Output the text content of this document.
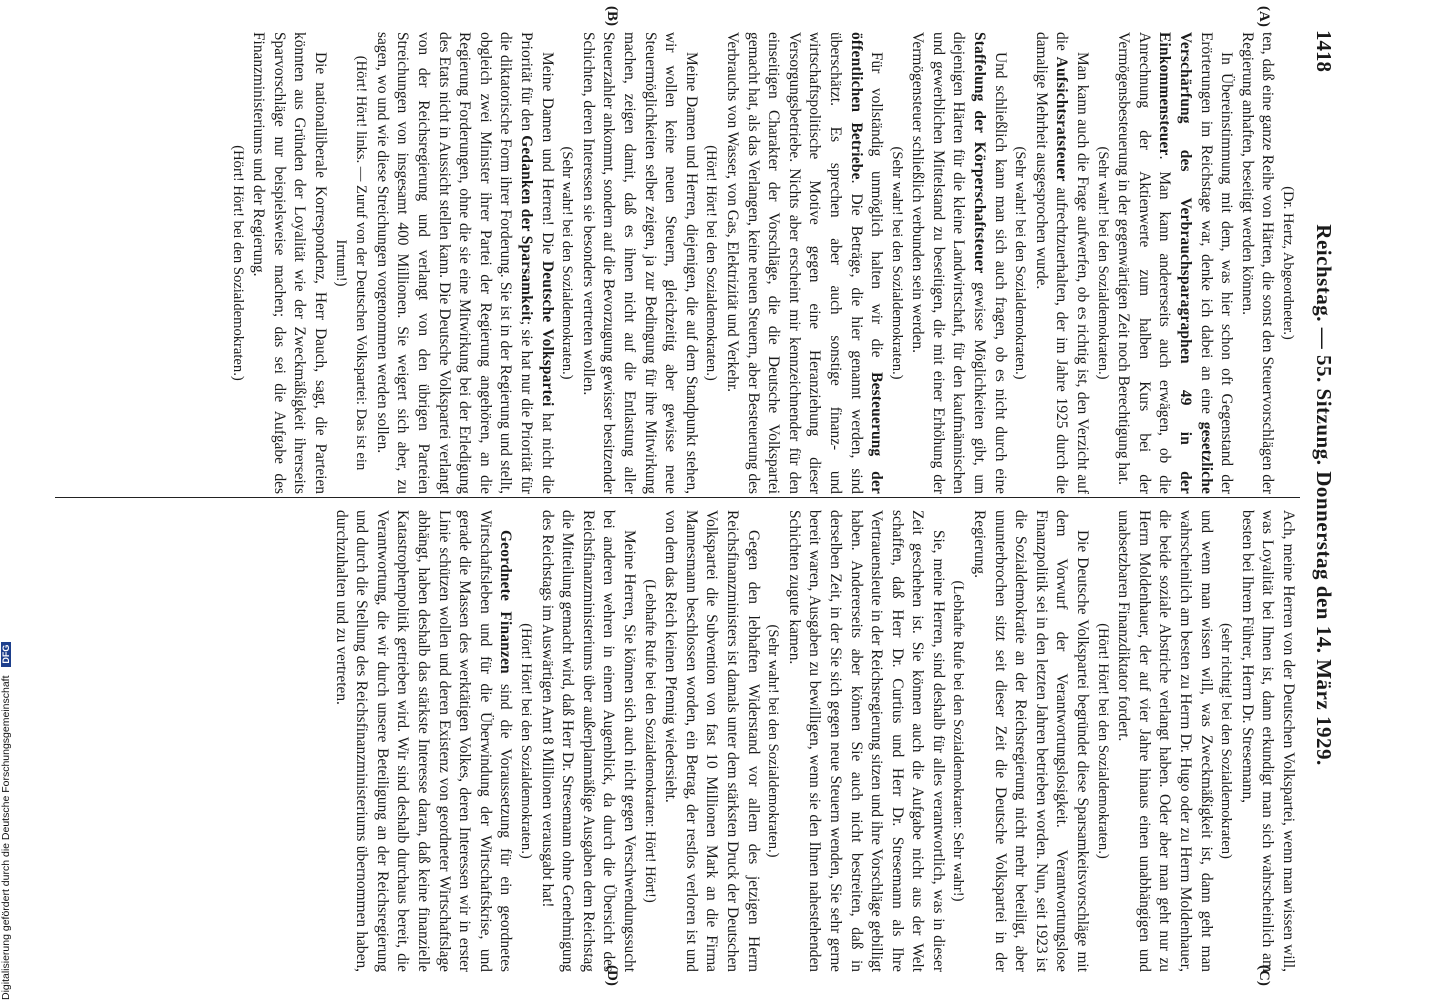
1418
Reichstag. — 55. Sitzung. Donnerstag den 14. März 1929.
(A)
(B)
(C)
(D)

(Dr. Hertz, Abgeordneter.)

ten, daß eine ganze Reihe von Härten, die sonst den Steuervorschlägen der Regierung anhaften, beseitigt werden können.

In Übereinstimmung mit dem, was hier schon oft Gegenstand der Erörterungen im Reichstage war, denke ich dabei an eine gesetzliche Verschärfung des Verbrauchsparagraphen 49 in der Einkommensteuer. Man kann andererseits auch erwägen, ob die Anrechnung der Aktienwerte zum halben Kurs bei der Vermögensbesteuerung in der gegenwärtigen Zeit noch Berechtigung hat.

(Sehr wahr! bei den Sozialdemokraten.)

Man kann auch die Frage aufwerfen, ob es richtig ist, den Verzicht auf die Aufsichtsratsteuer aufrechtzuerhalten, der im Jahre 1925 durch die damalige Mehrheit ausgesprochen wurde.

(Sehr wahr! bei den Sozialdemokraten.)

Und schließlich kann man sich auch fragen, ob es nicht durch eine Staffelung der Körperschaftsteuer gewisse Möglichkeiten gibt, um diejenigen Härten für die kleine Landwirtschaft, für den kaufmännischen und gewerblichen Mittelstand zu beseitigen, die mit einer Erhöhung der Vermögensteuer schließlich verbunden sein werden.

(Sehr wahr! bei den Sozialdemokraten.)

Für vollständig unmöglich halten wir die Besteuerung der öffentlichen Betriebe. Die Beträge, die hier genannt werden, sind überschätzt. Es sprechen aber auch sonstige finanz- und wirtschaftspolitische Motive gegen eine Heranziehung dieser Versorgungsbetriebe. Nichts aber erscheint mir kennzeichnender für den einseitigen Charakter der Vorschläge, die die Deutsche Volkspartei gemacht hat, als das Verlangen, keine neuen Steuern, aber Besteuerung des Verbrauchs von Wasser, von Gas, Elektrizität und Verkehr.

(Hört! Hört! bei den Sozialdemokraten.)

Meine Damen und Herren, diejenigen, die auf dem Standpunkt stehen, wir wollen keine neuen Steuern, gleichzeitig aber gewisse neue Steuermöglichkeiten selber zeigen, ja zur Bedingung für ihre Mitwirkung machen, zeigen damit, daß es ihnen nicht auf die Entlastung aller Steuerzahler ankommt, sondern auf die Bevorzugung gewisser besitzender Schichten, deren Interessen sie besonders vertreten wollen.

(Sehr wahr! bei den Sozialdemokraten.)

Meine Damen und Herren! Die Deutsche Volkspartei hat nicht die Priorität für den Gedanken der Sparsamkeit; sie hat nur die Priorität für die diktatorische Form ihrer Forderung. Sie ist in der Regierung und stellt, obgleich zwei Minister ihrer Partei der Regierung angehören, an die Regierung Forderungen, ohne die sie eine Mitwirkung bei der Erledigung des Etats nicht in Aussicht stellen kann. Die Deutsche Volkspartei verlangt von der Reichsregierung und verlangt von den übrigen Parteien Streichungen von insgesamt 400 Millionen. Sie weigert sich aber, zu sagen, wo und wie diese Streichungen vorgenommen werden sollen.

(Hört! Hört! links. — Zuruf von der Deutschen Volkspartei: Das ist ein Irrtum!)

Die nationalliberale Korrespondenz, Herr Dauch, sagt, die Parteien könnten aus Gründen der Loyalität wie der Zweckmäßigkeit ihrerseits Sparvorschläge nur beispielsweise machen; das sei die Aufgabe des Finanzministeriums und der Regierung.

(Hört! Hört! bei den Sozialdemokraten.)

Ach, meine Herren von der Deutschen Volkspartei, wenn man wissen will, was Loyalität bei Ihnen ist, dann erkundigt man sich wahrscheinlich am besten bei Ihrem Führer, Herrn Dr. Stresemann,

(sehr richtig! bei den Sozialdemokraten)

und wenn man wissen will, was Zweckmäßigkeit ist, dann geht man wahrscheinlich am besten zu Herrn Dr. Hugo oder zu Herrn Moldenhauer, die beide soziale Abstriche verlangt haben. Oder aber man geht nur zu Herrn Moldenhauer, der auf vier Jahre hinaus einen unabhängigen und unabsetzbaren Finanzdiktator fordert.

(Hört! Hört! bei den Sozialdemokraten.)

Die Deutsche Volkspartei begründet diese Sparsamkeitsvorschläge mit dem Vorwurf der Verantwortungslosigkeit. Verantwortungslose Finanzpolitik sei in den letzten Jahren betrieben worden. Nun, seit 1923 ist die Sozialdemokratie an der Reichsregierung nicht mehr beteiligt, aber ununterbrochen sitzt seit dieser Zeit die Deutsche Volkspartei in der Regierung.

(Lebhafte Rufe bei den Sozialdemokraten: Sehr wahr!)

Sie, meine Herren, sind deshalb für alles verantwortlich, was in dieser Zeit geschehen ist. Sie können auch die Aufgabe nicht aus der Welt schaffen, daß Herr Dr. Curtius und Herr Dr. Stresemann als Ihre Vertrauensleute in der Reichsregierung sitzen und ihre Vorschläge gebilligt haben. Andererseits aber können Sie auch nicht bestreiten, daß in derselben Zeit, in der Sie sich gegen neue Steuern wenden, Sie sehr gerne bereit waren, Ausgaben zu bewilligen, wenn sie den Ihnen nahestehenden Schichten zugute kamen.

(Sehr wahr! bei den Sozialdemokraten.)

Gegen den lebhaften Widerstand vor allem des jetzigen Herrn Reichsfinanzministers ist damals unter dem stärksten Druck der Deutschen Volkspartei die Subvention von fast 10 Millionen Mark an die Firma Mannesmann beschlossen worden, ein Betrag, der restlos verloren ist und von dem das Reich keinen Pfennig wiedersieht.

(Lebhafte Rufe bei den Sozialdemokraten: Hört! Hört!)

Meine Herren, Sie können sich auch nicht gegen Verschwendungssucht bei anderen wehren in einem Augenblick, da durch die Übersicht des Reichsfinanzministeriums über außerplanmäßige Ausgaben dem Reichstag die Mitteilung gemacht wird, daß Herr Dr. Stresemann ohne Genehmigung des Reichstags im Auswärtigen Amt 8 Millionen verausgabt hat!

(Hört! Hört! bei den Sozialdemokraten.)

Geordnete Finanzen sind die Voraussetzung für ein geordnetes Wirtschaftsleben und für die Überwindung der Wirtschaftskrise, und gerade die Massen des werktätigen Volkes, deren Interessen wir in erster Linie schützen wollen und deren Existenz von geordneter Wirtschaftslage abhängt, haben deshalb das stärkste Interesse daran, daß keine finanzielle Katastrophenpolitik getrieben wird. Wir sind deshalb durchaus bereit, die Verantwortung, die wir durch unsere Beteiligung an der Reichsregierung und durch die Stellung des Reichsfinanzministeriums übernommen haben, durchzuhalten und zu vertreten.

Digitalisierung gefördert durch die Deutsche Forschungsgemeinschaft DFG
